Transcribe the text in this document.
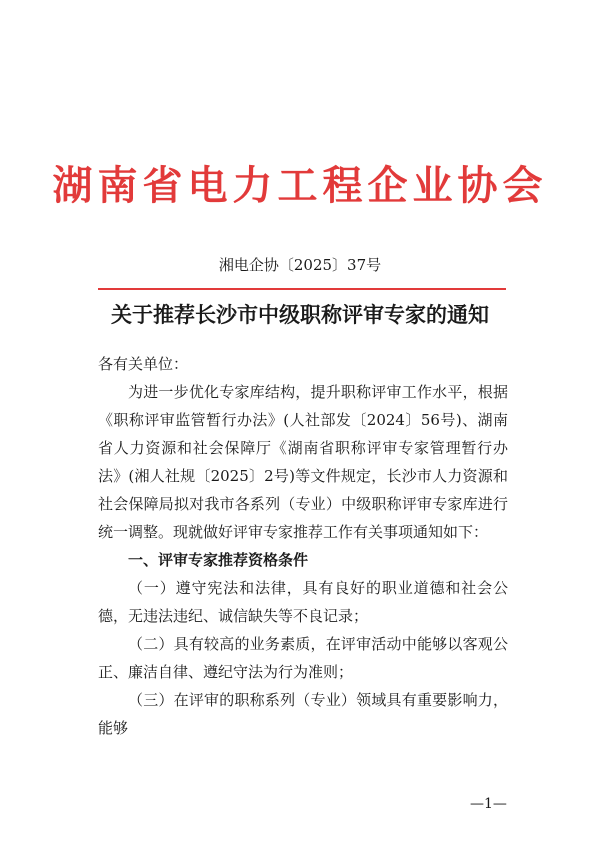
湖南省电力工程企业协会
湘电企协〔2025〕37号
关于推荐长沙市中级职称评审专家的通知

各有关单位：

为进一步优化专家库结构，提升职称评审工作水平，根据《职称评审监管暂行办法》(人社部发〔2024〕56号)、湖南省人力资源和社会保障厅《湖南省职称评审专家管理暂行办法》(湘人社规〔2025〕2号)等文件规定，长沙市人力资源和社会保障局拟对我市各系列（专业）中级职称评审专家库进行统一调整。现就做好评审专家推荐工作有关事项通知如下：

一、评审专家推荐资格条件

（一）遵守宪法和法律，具有良好的职业道德和社会公德，无违法违纪、诚信缺失等不良记录；

（二）具有较高的业务素质，在评审活动中能够以客观公正、廉洁自律、遵纪守法为行为准则；

（三）在评审的职称系列（专业）领域具有重要影响力，能够

—1—
